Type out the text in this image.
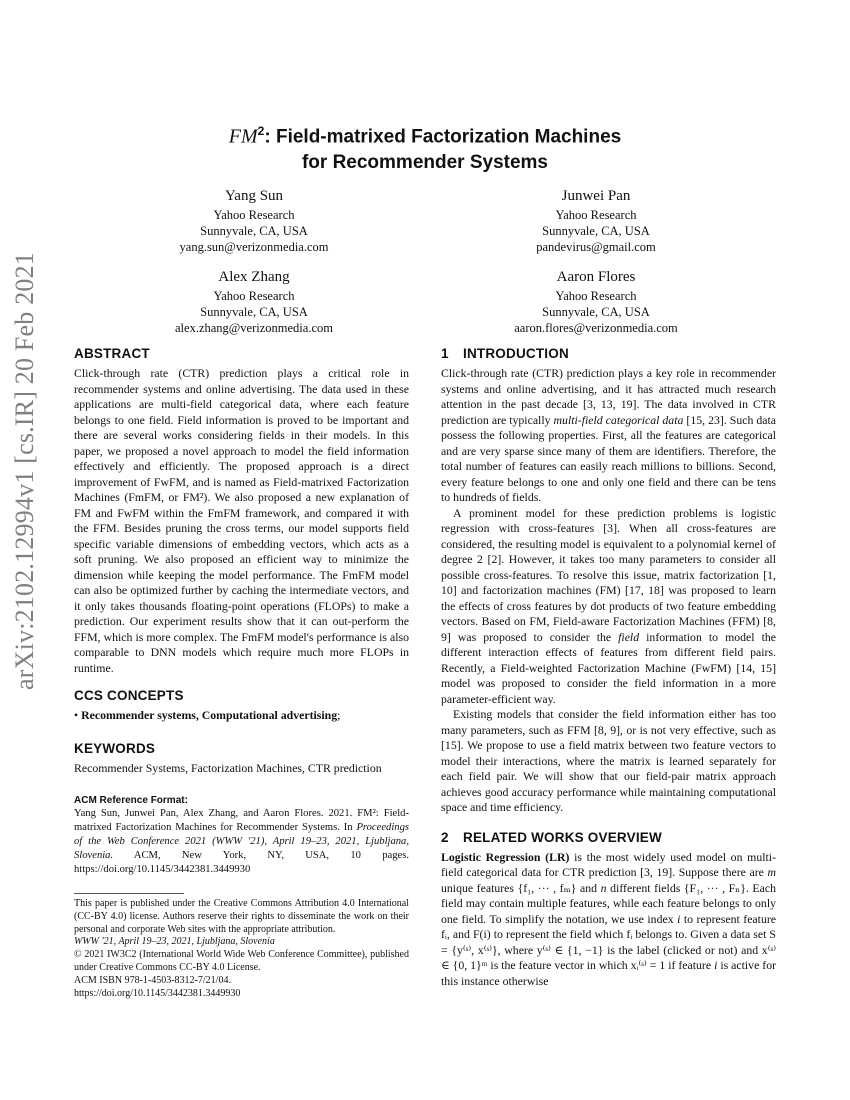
arXiv:2102.12994v1 [cs.IR] 20 Feb 2021
$FM^2$: Field-matrixed Factorization Machines
for Recommender Systems
Yang Sun
Yahoo Research
Sunnyvale, CA, USA
yang.sun@verizonmedia.com
Junwei Pan
Yahoo Research
Sunnyvale, CA, USA
pandevirus@gmail.com
Alex Zhang
Yahoo Research
Sunnyvale, CA, USA
alex.zhang@verizonmedia.com
Aaron Flores
Yahoo Research
Sunnyvale, CA, USA
aaron.flores@verizonmedia.com
ABSTRACT

Click-through rate (CTR) prediction plays a critical role in recommender systems and online advertising. The data used in these applications are multi-field categorical data, where each feature belongs to one field. Field information is proved to be important and there are several works considering fields in their models. In this paper, we proposed a novel approach to model the field information effectively and efficiently. The proposed approach is a direct improvement of FwFM, and is named as Field-matrixed Factorization Machines (FmFM, or FM²). We also proposed a new explanation of FM and FwFM within the FmFM framework, and compared it with the FFM. Besides pruning the cross terms, our model supports field specific variable dimensions of embedding vectors, which acts as a soft pruning. We also proposed an efficient way to minimize the dimension while keeping the model performance. The FmFM model can also be optimized further by caching the intermediate vectors, and it only takes thousands floating-point operations (FLOPs) to make a prediction. Our experiment results show that it can out-perform the FFM, which is more complex. The FmFM model's performance is also comparable to DNN models which require much more FLOPs in runtime.

CCS CONCEPTS

• Recommender systems, Computational advertising;

KEYWORDS

Recommender Systems, Factorization Machines, CTR prediction

ACM Reference Format:

Yang Sun, Junwei Pan, Alex Zhang, and Aaron Flores. 2021. FM²: Field-matrixed Factorization Machines for Recommender Systems. In Proceedings of the Web Conference 2021 (WWW '21), April 19–23, 2021, Ljubljana, Slovenia. ACM, New York, NY, USA, 10 pages. https://doi.org/10.1145/3442381.3449930

This paper is published under the Creative Commons Attribution 4.0 International (CC-BY 4.0) license. Authors reserve their rights to disseminate the work on their personal and corporate Web sites with the appropriate attribution.

WWW '21, April 19–23, 2021, Ljubljana, Slovenia

© 2021 IW3C2 (International World Wide Web Conference Committee), published under Creative Commons CC-BY 4.0 License.

ACM ISBN 978-1-4503-8312-7/21/04.

https://doi.org/10.1145/3442381.3449930

1 INTRODUCTION

Click-through rate (CTR) prediction plays a key role in recommender systems and online advertising, and it has attracted much research attention in the past decade [3, 13, 19]. The data involved in CTR prediction are typically multi-field categorical data [15, 23]. Such data possess the following properties. First, all the features are categorical and are very sparse since many of them are identifiers. Therefore, the total number of features can easily reach millions to billions. Second, every feature belongs to one and only one field and there can be tens to hundreds of fields.

A prominent model for these prediction problems is logistic regression with cross-features [3]. When all cross-features are considered, the resulting model is equivalent to a polynomial kernel of degree 2 [2]. However, it takes too many parameters to consider all possible cross-features. To resolve this issue, matrix factorization [1, 10] and factorization machines (FM) [17, 18] was proposed to learn the effects of cross features by dot products of two feature embedding vectors. Based on FM, Field-aware Factorization Machines (FFM) [8, 9] was proposed to consider the field information to model the different interaction effects of features from different field pairs. Recently, a Field-weighted Factorization Machine (FwFM) [14, 15] model was proposed to consider the field information in a more parameter-efficient way.

Existing models that consider the field information either has too many parameters, such as FFM [8, 9], or is not very effective, such as [15]. We propose to use a field matrix between two feature vectors to model their interactions, where the matrix is learned separately for each field pair. We will show that our field-pair matrix approach achieves good accuracy performance while maintaining computational space and time efficiency.

2 RELATED WORKS OVERVIEW

Logistic Regression (LR) is the most widely used model on multi-field categorical data for CTR prediction [3, 19]. Suppose there are m unique features {f₁, ··· , fₘ} and n different fields {F₁, ··· , Fₙ}. Each field may contain multiple features, while each feature belongs to only one field. To simplify the notation, we use index i to represent feature fᵢ, and F(i) to represent the field which fᵢ belongs to. Given a data set S = {y⁽ˢ⁾, x⁽ˢ⁾}, where y⁽ˢ⁾ ∈ {1, −1} is the label (clicked or not) and x⁽ˢ⁾ ∈ {0, 1}ᵐ is the feature vector in which xᵢ⁽ˢ⁾ = 1 if feature i is active for this instance otherwise
